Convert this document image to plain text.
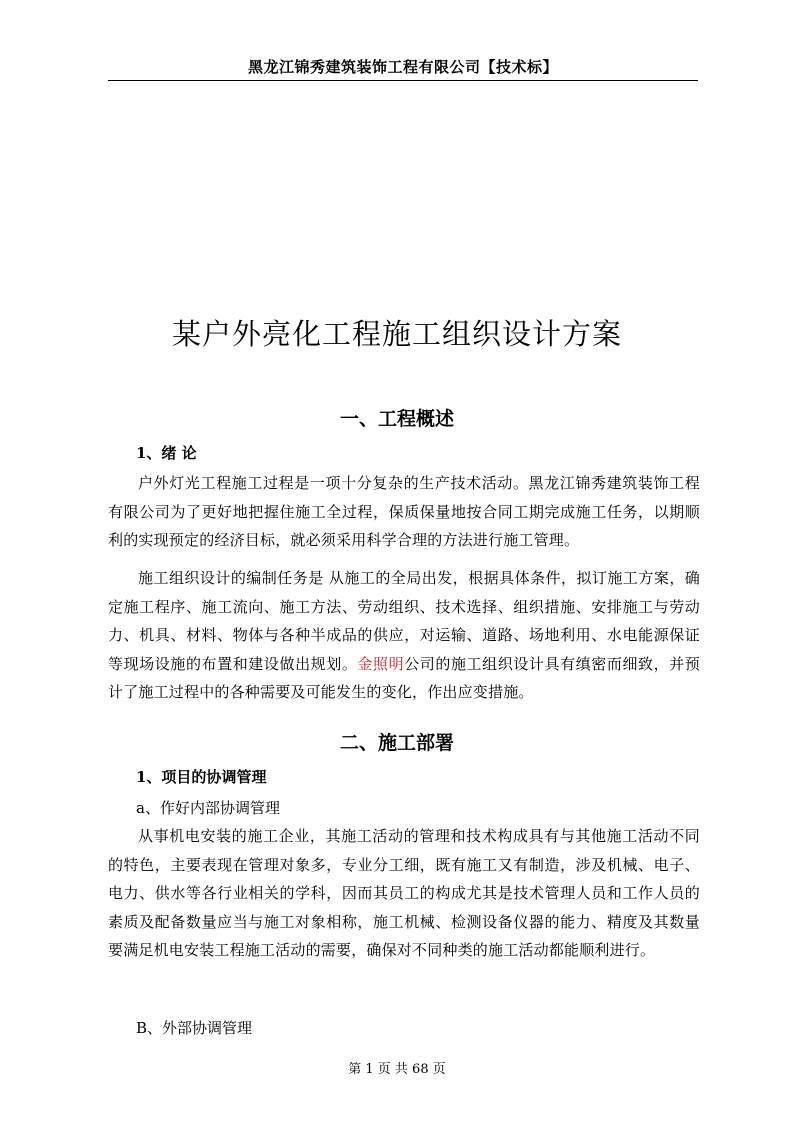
黑龙江锦秀建筑装饰工程有限公司【技术标】
某户外亮化工程施工组织设计方案
一、工程概述
1、绪 论

户外灯光工程施工过程是一项十分复杂的生产技术活动。黑龙江锦秀建筑装饰工程有限公司为了更好地把握住施工全过程，保质保量地按合同工期完成施工任务，以期顺利的实现预定的经济目标，就必须采用科学合理的方法进行施工管理。

施工组织设计的编制任务是 从施工的全局出发，根据具体条件，拟订施工方案，确定施工程序、施工流向、施工方法、劳动组织、技术选择、组织措施、安排施工与劳动力、机具、材料、物体与各种半成品的供应，对运输、道路、场地利用、水电能源保证等现场设施的布置和建设做出规划。金照明公司的施工组织设计具有缜密而细致，并预计了施工过程中的各种需要及可能发生的变化，作出应变措施。

二、施工部署
1、项目的协调管理
a、作好内部协调管理

从事机电安装的施工企业，其施工活动的管理和技术构成具有与其他施工活动不同的特色，主要表现在管理对象多，专业分工细，既有施工又有制造，涉及机械、电子、电力、供水等各行业相关的学科，因而其员工的构成尤其是技术管理人员和工作人员的素质及配备数量应当与施工对象相称，施工机械、检测设备仪器的能力、精度及其数量要满足机电安装工程施工活动的需要，确保对不同种类的施工活动都能顺利进行。

B、外部协调管理
第 1 页 共 68 页
